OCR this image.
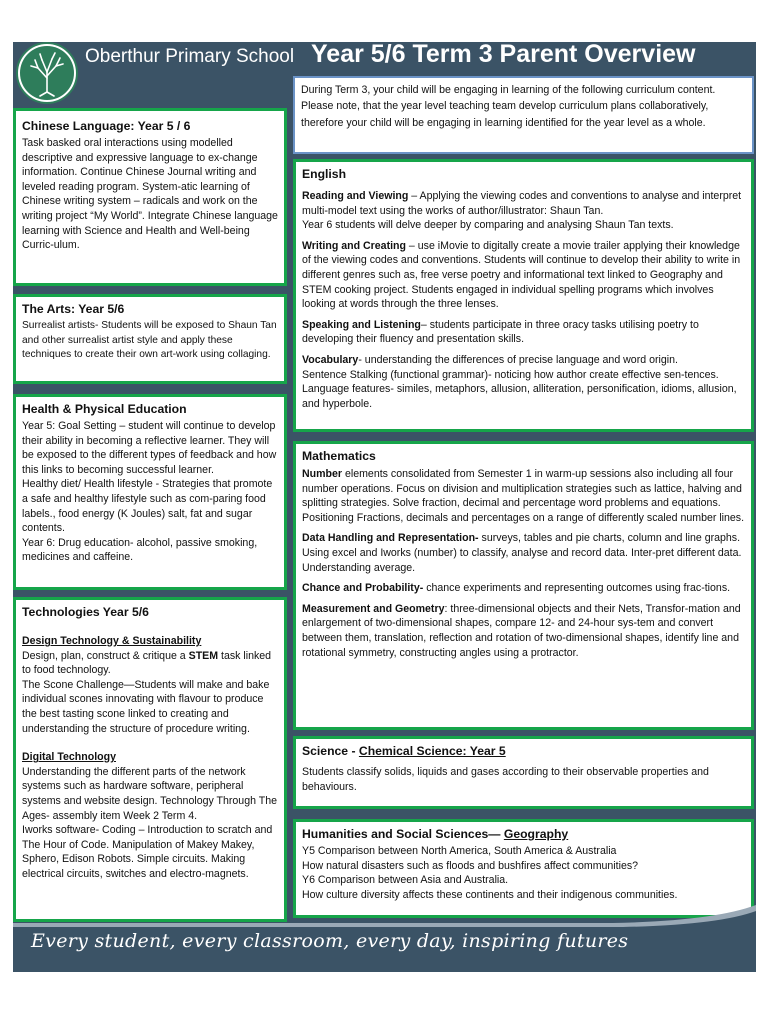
Oberthur Primary School Year 5/6 Term 3 Parent Overview
During Term 3, your child will be engaging in learning of the following curriculum content. Please note, that the year level teaching team develop curriculum plans collaboratively, therefore your child will be engaging in learning identified for the year level as a whole.
Chinese Language: Year 5 / 6
Task basked oral interactions using modelled descriptive and expressive language to ex-change information. Continue Chinese Journal writing and leveled reading program. System-atic learning of Chinese writing system – radicals and work on the writing project “My World”. Integrate Chinese language learning with Science and Health and Well-being Curric-ulum.
The Arts: Year 5/6
Surrealist artists- Students will be exposed to Shaun Tan and other surrealist artist style and apply these techniques to create their own art-work using collaging.
Health & Physical Education
Year 5: Goal Setting – student will continue to develop their ability in becoming a reflective learner. They will be exposed to the different types of feedback and how this links to becoming successful learner.
Healthy diet/ Health lifestyle - Strategies that promote a safe and healthy lifestyle such as com-paring food labels., food energy (K Joules) salt, fat and sugar contents.
Year 6: Drug education- alcohol, passive smoking, medicines and caffeine.
Technologies Year 5/6
Design Technology & Sustainability
Design, plan, construct & critique a STEM task linked to food technology.
The Scone Challenge—Students will make and bake individual scones innovating with flavour to produce the best tasting scone linked to creating and understanding the structure of procedure writing.
Digital Technology
Understanding the different parts of the network systems such as hardware software, peripheral systems and website design. Technology Through The Ages- assembly item Week 2 Term 4.
Iworks software- Coding – Introduction to scratch and The Hour of Code. Manipulation of Makey Makey, Sphero, Edison Robots. Simple circuits. Making electrical circuits, switches and electro-magnets.
English

Reading and Viewing – Applying the viewing codes and conventions to analyse and interpret multi-model text using the works of author/illustrator: Shaun Tan.
Year 6 students will delve deeper by comparing and analysing Shaun Tan texts.

Writing and Creating – use iMovie to digitally create a movie trailer applying their knowledge of the viewing codes and conventions. Students will continue to develop their ability to write in different genres such as, free verse poetry and informational text linked to Geography and STEM cooking project. Students engaged in individual spelling programs which involves looking at words through the three lenses.

Speaking and Listening– students participate in three oracy tasks utilising poetry to developing their fluency and presentation skills.

Vocabulary- understanding the differences of precise language and word origin.
Sentence Stalking (functional grammar)- noticing how author create effective sen-tences. Language features- similes, metaphors, allusion, alliteration, personification, idioms, allusion, and hyperbole.

Mathematics

Number elements consolidated from Semester 1 in warm-up sessions also including all four number operations. Focus on division and multiplication strategies such as lattice, halving and splitting strategies. Solve fraction, decimal and percentage word problems and equations. Positioning Fractions, decimals and percentages on a range of differently scaled number lines.

Data Handling and Representation- surveys, tables and pie charts, column and line graphs. Using excel and Iworks (number) to classify, analyse and record data. Inter-pret different data. Understanding average.

Chance and Probability- chance experiments and representing outcomes using frac-tions.

Measurement and Geometry: three-dimensional objects and their Nets, Transfor-mation and enlargement of two-dimensional shapes, compare 12- and 24-hour sys-tem and convert between them, translation, reflection and rotation of two-dimensional shapes, identify line and rotational symmetry, constructing angles using a protractor.

Science - Chemical Science: Year 5
Students classify solids, liquids and gases according to their observable properties and behaviours.
Humanities and Social Sciences— Geography
Y5 Comparison between North America, South America & Australia
How natural disasters such as floods and bushfires affect communities?
Y6 Comparison between Asia and Australia.
How culture diversity affects these continents and their indigenous communities.
Every student, every classroom, every day, inspiring futures
